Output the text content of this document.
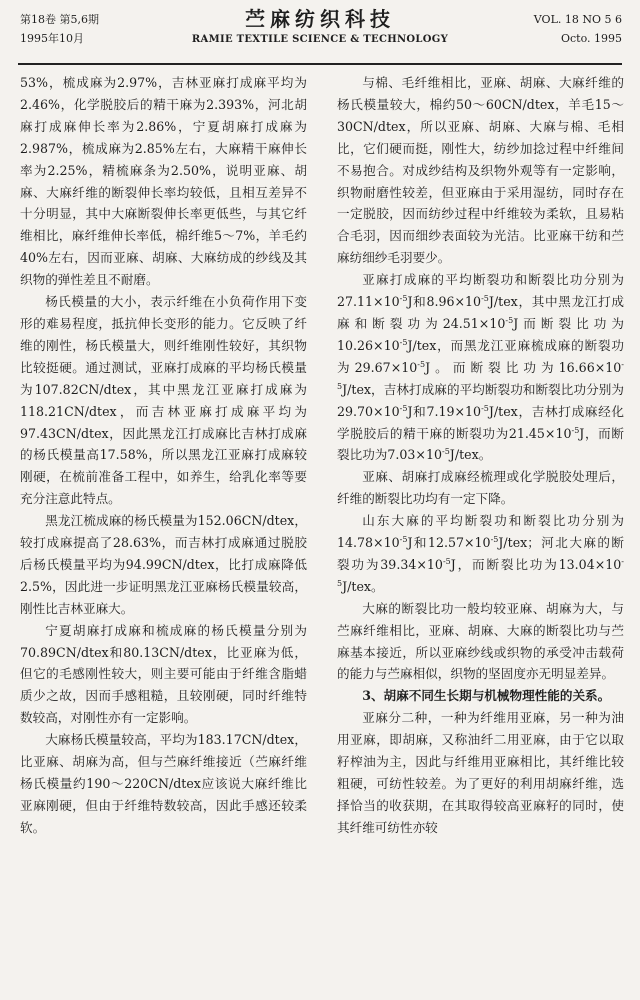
第18卷 第5,6期
1995年10月
苎麻纺织科技
RAMIE TEXTILE SCIENCE & TECHNOLOGY
VOL. 18 NO 5 6
Octo. 1995

53%，梳成麻为2.97%，吉林亚麻打成麻平均为2.46%，化学脱胶后的精干麻为2.393%，河北胡麻打成麻伸长率为2.86%，宁夏胡麻打成麻为2.987%，梳成麻为2.85%左右，大麻精干麻伸长率为2.25%，精梳麻条为2.50%，说明亚麻、胡麻、大麻纤维的断裂伸长率均较低，且相互差异不十分明显，其中大麻断裂伸长率更低些，与其它纤维相比，麻纤维伸长率低，棉纤维5～7%，羊毛约40%左右，因而亚麻、胡麻、大麻纺成的纱线及其织物的弹性差且不耐磨。

杨氏模量的大小，表示纤维在小负荷作用下变形的难易程度，抵抗伸长变形的能力。它反映了纤维的刚性，杨氏模量大，则纤维刚性较好，其织物比较挺硬。通过测试，亚麻打成麻的平均杨氏模量为107.82CN/dtex，其中黑龙江亚麻打成麻为118.21CN/dtex，而吉林亚麻打成麻平均为97.43CN/dtex，因此黑龙江打成麻比吉林打成麻的杨氏模量高17.58%，所以黑龙江亚麻打成麻较刚硬，在梳前准备工程中，如养生，给乳化率等要充分注意此特点。

黑龙江梳成麻的杨氏模量为152.06CN/dtex，较打成麻提高了28.63%，而吉林打成麻通过脱胶后杨氏模量平均为94.99CN/dtex，比打成麻降低2.5%，因此进一步证明黑龙江亚麻杨氏模量较高，刚性比吉林亚麻大。

宁夏胡麻打成麻和梳成麻的杨氏模量分别为70.89CN/dtex和80.13CN/dtex，比亚麻为低，但它的毛感刚性较大，则主要可能由于纤维含脂蜡质少之故，因而手感粗糙，且较刚硬，同时纤维特数较高，对刚性亦有一定影响。

大麻杨氏模量较高，平均为183.17CN/dtex，比亚麻、胡麻为高，但与苎麻纤维接近（苎麻纤维杨氏模量约190～220CN/dtex应该说大麻纤维比亚麻刚硬，但由于纤维特数较高，因此手感还较柔软。

与棉、毛纤维相比，亚麻、胡麻、大麻纤维的杨氏模量较大，棉约50～60CN/dtex，羊毛15～30CN/dtex，所以亚麻、胡麻、大麻与棉、毛相比，它们硬而挺，刚性大，纺纱加捻过程中纤维间不易抱合。对成纱结构及织物外观等有一定影响，织物耐磨性较差，但亚麻由于采用湿纺，同时存在一定脱胶，因而纺纱过程中纤维较为柔软，且易粘合毛羽，因而细纱表面较为光洁。比亚麻干纺和苎麻纺细纱毛羽要少。

亚麻打成麻的平均断裂功和断裂比功分别为$27.11\times 10^{-5}J$和$8.96\times 10^{-5}J$/tex，其中黑龙江打成麻和断裂功为$24.51\times 10^{-5}J$而断裂比功为$10.26\times 10^{-5}J$/tex，而黑龙江亚麻梳成麻的断裂功为$29.67\times 10^{-5}J$。而断裂比功为$16.66\times 10^{-5}J$/tex，吉林打成麻的平均断裂功和断裂比功分别为$29.70\times 10^{-5}J$和$7.19\times 10^{-5}J$/tex，吉林打成麻经化学脱胶后的精干麻的断裂功为$21.45\times 10^{-5}J$，而断裂比功为$7.03\times 10^{-5}J$/tex。

亚麻、胡麻打成麻经梳理或化学脱胶处理后，纤维的断裂比功均有一定下降。

山东大麻的平均断裂功和断裂比功分别为$14.78\times 10^{-5}J$和$12.57\times 10^{-5}J$/tex；河北大麻的断裂功为$39.34\times 10^{-5}J$，而断裂比功为$13.04\times 10^{-5}J$/tex。

大麻的断裂比功一般均较亚麻、胡麻为大，与苎麻纤维相比，亚麻、胡麻、大麻的断裂比功与苎麻基本接近，所以亚麻纱线或织物的承受冲击载荷的能力与苎麻相似，织物的坚固度亦无明显差异。

3、胡麻不同生长期与机械物理性能的关系。

亚麻分二种，一种为纤维用亚麻，另一种为油用亚麻，即胡麻，又称油纤二用亚麻，由于它以取籽榨油为主，因此与纤维用亚麻相比，其纤维比较粗硬，可纺性较差。为了更好的利用胡麻纤维，选择恰当的收获期，在其取得较高亚麻籽的同时，使其纤维可纺性亦较
